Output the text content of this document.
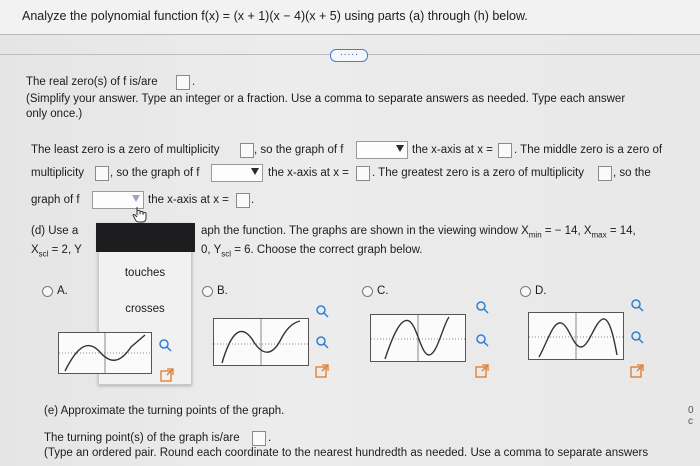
Analyze the polynomial function f(x) = (x + 1)(x − 4)(x + 5) using parts (a) through (h) below.
.....
The real zero(s) of f is/are	.
(Simplify your answer. Type an integer or a fraction. Use a comma to separate answers as needed. Type each answer
only once.)
The least zero is a zero of multiplicity	, so the graph of f	the x-axis at x = . The middle zero is a zero of
multiplicity , so the graph of f	the x-axis at x = . The greatest zero is a zero of multiplicity	, so the
graph of f	the x-axis at x = .
(d) Use a	aph the function. The graphs are shown in the viewing window $X_{min}$ = − 14, $X_{max} = 14$,
$X_{scl} = 2$, Y	0, $Y_{scl} = 6$. Choose the correct graph below.
touches
crosses
A.	B.	C.	D.
(e) Approximate the turning points of the graph.
The turning point(s) of the graph is/are .
(Type an ordered pair. Round each coordinate to the nearest hundredth as needed. Use a comma to separate answers
0 c
